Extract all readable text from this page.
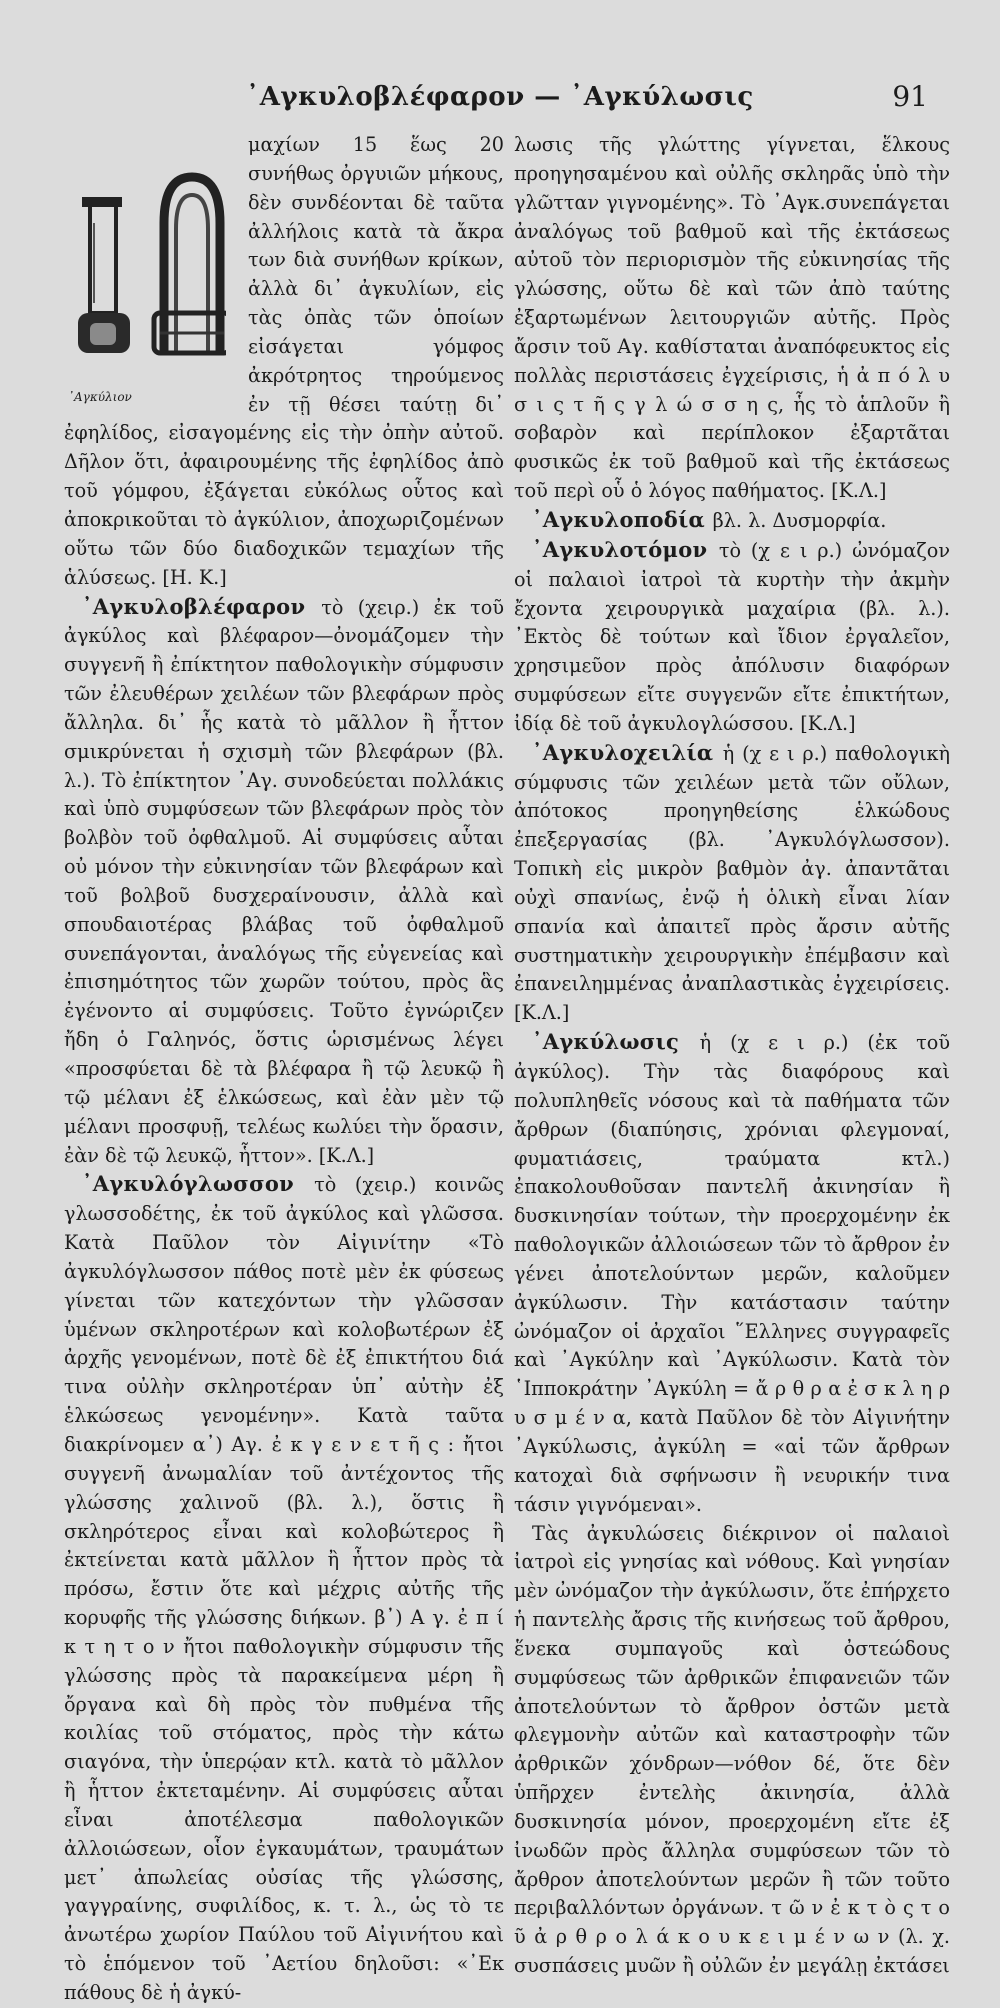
᾿Αγκυλοβλέφαρον — ᾿Αγκύλωσις	91
᾿Αγκύλιον

μαχίων 15 ἕως 20 συνήθως ὀργυιῶν μήκους, δὲν συνδέονται δὲ ταῦτα ἀλλήλοις κατὰ τὰ ἄκρα των διὰ συνήθων κρίκων, ἀλλὰ δι᾿ ἀγκυλίων, εἰς τὰς ὀπὰς τῶν ὁποίων εἰσάγεται γόμφος ἀκρότρητος τηρούμενος ἐν τῇ θέσει ταύτῃ δι᾿ ἐφηλίδος, εἰσαγομένης εἰς τὴν ὀπὴν αὐτοῦ. Δῆλον ὅτι, ἀφαιρουμένης τῆς ἐφηλίδος ἀπὸ τοῦ γόμφου, ἐξάγεται εὐκόλως οὗτος καὶ ἀποκρικοῦται τὸ ἀγκύλιον, ἀποχωριζομένων οὕτω τῶν δύο διαδοχικῶν τεμαχίων τῆς ἁλύσεως. [Η. Κ.]

᾿Αγκυλοβλέφαρον τὸ (χειρ.) ἐκ τοῦ ἀγκύλος καὶ βλέφαρον—ὀνομάζομεν τὴν συγγενῆ ἢ ἐπίκτητον παθολογικὴν σύμφυσιν τῶν ἐλευθέρων χειλέων τῶν βλεφάρων πρὸς ἄλληλα. δι᾿ ἧς κατὰ τὸ μᾶλλον ἢ ἧττον σμικρύνεται ἡ σχισμὴ τῶν βλεφάρων (βλ. λ.). Τὸ ἐπίκτητον ᾿Αγ. συνοδεύεται πολλάκις καὶ ὑπὸ συμφύσεων τῶν βλεφάρων πρὸς τὸν βολβὸν τοῦ ὀφθαλμοῦ. Αἱ συμφύσεις αὗται οὐ μόνον τὴν εὐκινησίαν τῶν βλεφάρων καὶ τοῦ βολβοῦ δυσχεραίνουσιν, ἀλλὰ καὶ σπουδαιοτέρας βλάβας τοῦ ὀφθαλμοῦ συνεπάγονται, ἀναλόγως τῆς εὐγενείας καὶ ἐπισημότητος τῶν χωρῶν τούτου, πρὸς ἃς ἐγένοντο αἱ συμφύσεις. Τοῦτο ἐγνώριζεν ἤδη ὁ Γαληνός, ὅστις ὡρισμένως λέγει «προσφύεται δὲ τὰ βλέφαρα ἢ τῷ λευκῷ ἢ τῷ μέλανι ἐξ ἑλκώσεως, καὶ ἐὰν μὲν τῷ μέλανι προσφυῇ, τελέως κωλύει τὴν ὅρασιν, ἐὰν δὲ τῷ λευκῷ, ἧττον». [Κ.Λ.]

᾿Αγκυλόγλωσσον τὸ (χειρ.) κοινῶς γλωσσοδέτης, ἐκ τοῦ ἀγκύλος καὶ γλῶσσα. Κατὰ Παῦλον τὸν Αἰγινίτην «Τὸ ἀγκυλόγλωσσον πάθος ποτὲ μὲν ἐκ φύσεως γίνεται τῶν κατεχόντων τὴν γλῶσσαν ὑμένων σκληροτέρων καὶ κολοβωτέρων ἐξ ἀρχῆς γενομένων, ποτὲ δὲ ἐξ ἐπικτήτου διά τινα οὐλὴν σκληροτέραν ὑπ᾿ αὐτὴν ἐξ ἑλκώσεως γενομένην». Κατὰ ταῦτα διακρίνομεν α᾿) Αγ. ἐ κ γ ε ν ε τ ῆ ς : ἤτοι συγγενῆ ἀνωμαλίαν τοῦ ἀντέχοντος τῆς γλώσσης χαλινοῦ (βλ. λ.), ὅστις ἢ σκληρότερος εἶναι καὶ κολοβώτερος ἢ ἐκτείνεται κατὰ μᾶλλον ἢ ἧττον πρὸς τὰ πρόσω, ἔστιν ὅτε καὶ μέχρις αὐτῆς τῆς κορυφῆς τῆς γλώσσης διήκων. β᾿) Α γ. ἐ π ί κ τ η τ ο ν ἤτοι παθολογικὴν σύμφυσιν τῆς γλώσσης πρὸς τὰ παρακείμενα μέρη ἢ ὄργανα καὶ δὴ πρὸς τὸν πυθμένα τῆς κοιλίας τοῦ στόματος, πρὸς τὴν κάτω σιαγόνα, τὴν ὑπερῴαν κτλ. κατὰ τὸ μᾶλλον ἢ ἧττον ἐκτεταμένην. Αἱ συμφύσεις αὗται εἶναι ἀποτέλεσμα παθολογικῶν ἀλλοιώσεων, οἷον ἐγκαυμάτων, τραυμάτων μετ᾿ ἀπωλείας οὐσίας τῆς γλώσσης, γαγγραίνης, συφιλίδος, κ. τ. λ., ὡς τὸ τε ἀνωτέρω χωρίον Παύλου τοῦ Αἰγινήτου καὶ τὸ ἑπόμενον τοῦ ᾿Αετίου δηλοῦσι: «᾿Εκ πάθους δὲ ἡ ἀγκύ-

λωσις τῆς γλώττης γίγνεται, ἕλκους προηγησαμένου καὶ οὐλῆς σκληρᾶς ὑπὸ τὴν γλῶτταν γιγνομένης». Τὸ ᾿Αγκ.συνεπάγεται ἀναλόγως τοῦ βαθμοῦ καὶ τῆς ἐκτάσεως αὐτοῦ τὸν περιορισμὸν τῆς εὐκινησίας τῆς γλώσσης, οὕτω δὲ καὶ τῶν ἀπὸ ταύτης ἐξαρτωμένων λειτουργιῶν αὐτῆς. Πρὸς ἄρσιν τοῦ Αγ. καθίσταται ἀναπόφευκτος εἰς πολλὰς περιστάσεις ἐγχείρισις, ἡ ἀ π ό λ υ σ ι ς τ ῆ ς γ λ ώ σ σ η ς, ἧς τὸ ἁπλοῦν ἢ σοβαρὸν καὶ περίπλοκον ἐξαρτᾶται φυσικῶς ἐκ τοῦ βαθμοῦ καὶ τῆς ἐκτάσεως τοῦ περὶ οὗ ὁ λόγος παθήματος. [Κ.Λ.]

᾿Αγκυλοποδία βλ. λ. Δυσμορφία.

᾿Αγκυλοτόμον τὸ (χ ε ι ρ.) ὠνόμαζον οἱ παλαιοὶ ἰατροὶ τὰ κυρτὴν τὴν ἀκμὴν ἔχοντα χειρουργικὰ μαχαίρια (βλ. λ.). ᾿Εκτὸς δὲ τούτων καὶ ἴδιον ἐργαλεῖον, χρησιμεῦον πρὸς ἀπόλυσιν διαφόρων συμφύσεων εἴτε συγγενῶν εἴτε ἐπικτήτων, ἰδίᾳ δὲ τοῦ ἀγκυλογλώσσου. [Κ.Λ.]

᾿Αγκυλοχειλία ἡ (χ ε ι ρ.) παθολογικὴ σύμφυσις τῶν χειλέων μετὰ τῶν οὔλων, ἀπότοκος προηγηθείσης ἑλκώδους ἐπεξεργασίας (βλ. ᾿Αγκυλόγλωσσον). Τοπικὴ εἰς μικρὸν βαθμὸν ἀγ. ἀπαντᾶται οὐχὶ σπανίως, ἐνῷ ἡ ὁλικὴ εἶναι λίαν σπανία καὶ ἀπαιτεῖ πρὸς ἄρσιν αὐτῆς συστηματικὴν χειρουργικὴν ἐπέμβασιν καὶ ἐπανειλημμένας ἀναπλαστικὰς ἐγχειρίσεις. [Κ.Λ.]

᾿Αγκύλωσις ἡ (χ ε ι ρ.) (ἐκ τοῦ ἀγκύλος). Τὴν τὰς διαφόρους καὶ πολυπληθεῖς νόσους καὶ τὰ παθήματα τῶν ἄρθρων (διαπύησις, χρόνιαι φλεγμοναί, φυματιάσεις, τραύματα κτλ.) ἐπακολουθοῦσαν παντελῆ ἀκινησίαν ἢ δυσκινησίαν τούτων, τὴν προερχομένην ἐκ παθολογικῶν ἀλλοιώσεων τῶν τὸ ἄρθρον ἐν γένει ἀποτελούντων μερῶν, καλοῦμεν ἀγκύλωσιν. Τὴν κατάστασιν ταύτην ὠνόμαζον οἱ ἀρχαῖοι ῞Ελληνες συγγραφεῖς καὶ ᾿Αγκύλην καὶ ᾿Αγκύλωσιν. Κατὰ τὸν ῾Ιπποκράτην ᾿Αγκύλη = ἄ ρ θ ρ α ἐ σ κ λ η ρ υ σ μ έ ν α, κατὰ Παῦλον δὲ τὸν Αἰγινήτην ᾿Αγκύλωσις, ἀγκύλη = «αἱ τῶν ἄρθρων κατοχαὶ διὰ σφήνωσιν ἢ νευρικήν τινα τάσιν γιγνόμεναι».

Τὰς ἀγκυλώσεις διέκρινον οἱ παλαιοὶ ἰατροὶ εἰς γνησίας καὶ νόθους. Καὶ γνησίαν μὲν ὠνόμαζον τὴν ἀγκύλωσιν, ὅτε ἐπήρχετο ἡ παντελὴς ἄρσις τῆς κινήσεως τοῦ ἄρθρου, ἕνεκα συμπαγοῦς καὶ ὀστεώδους συμφύσεως τῶν ἀρθρικῶν ἐπιφανειῶν τῶν ἀποτελούντων τὸ ἄρθρον ὀστῶν μετὰ φλεγμονὴν αὐτῶν καὶ καταστροφὴν τῶν ἀρθρικῶν χόνδρων—νόθον δέ, ὅτε δὲν ὑπῆρχεν ἐντελὴς ἀκινησία, ἀλλὰ δυσκινησία μόνον, προερχομένη εἴτε ἐξ ἰνωδῶν πρὸς ἄλληλα συμφύσεων τῶν τὸ ἄρθρον ἀποτελούντων μερῶν ἢ τῶν τοῦτο περιβαλλόντων ὀργάνων. τ ῶ ν ἐ κ τ ὸ ς τ ο ῦ ἀ ρ θ ρ ο λ ά κ ο υ κ ε ι μ έ ν ω ν (λ. χ. συσπάσεις μυῶν ἢ οὐλῶν ἐν μεγάλῃ ἐκτάσει
